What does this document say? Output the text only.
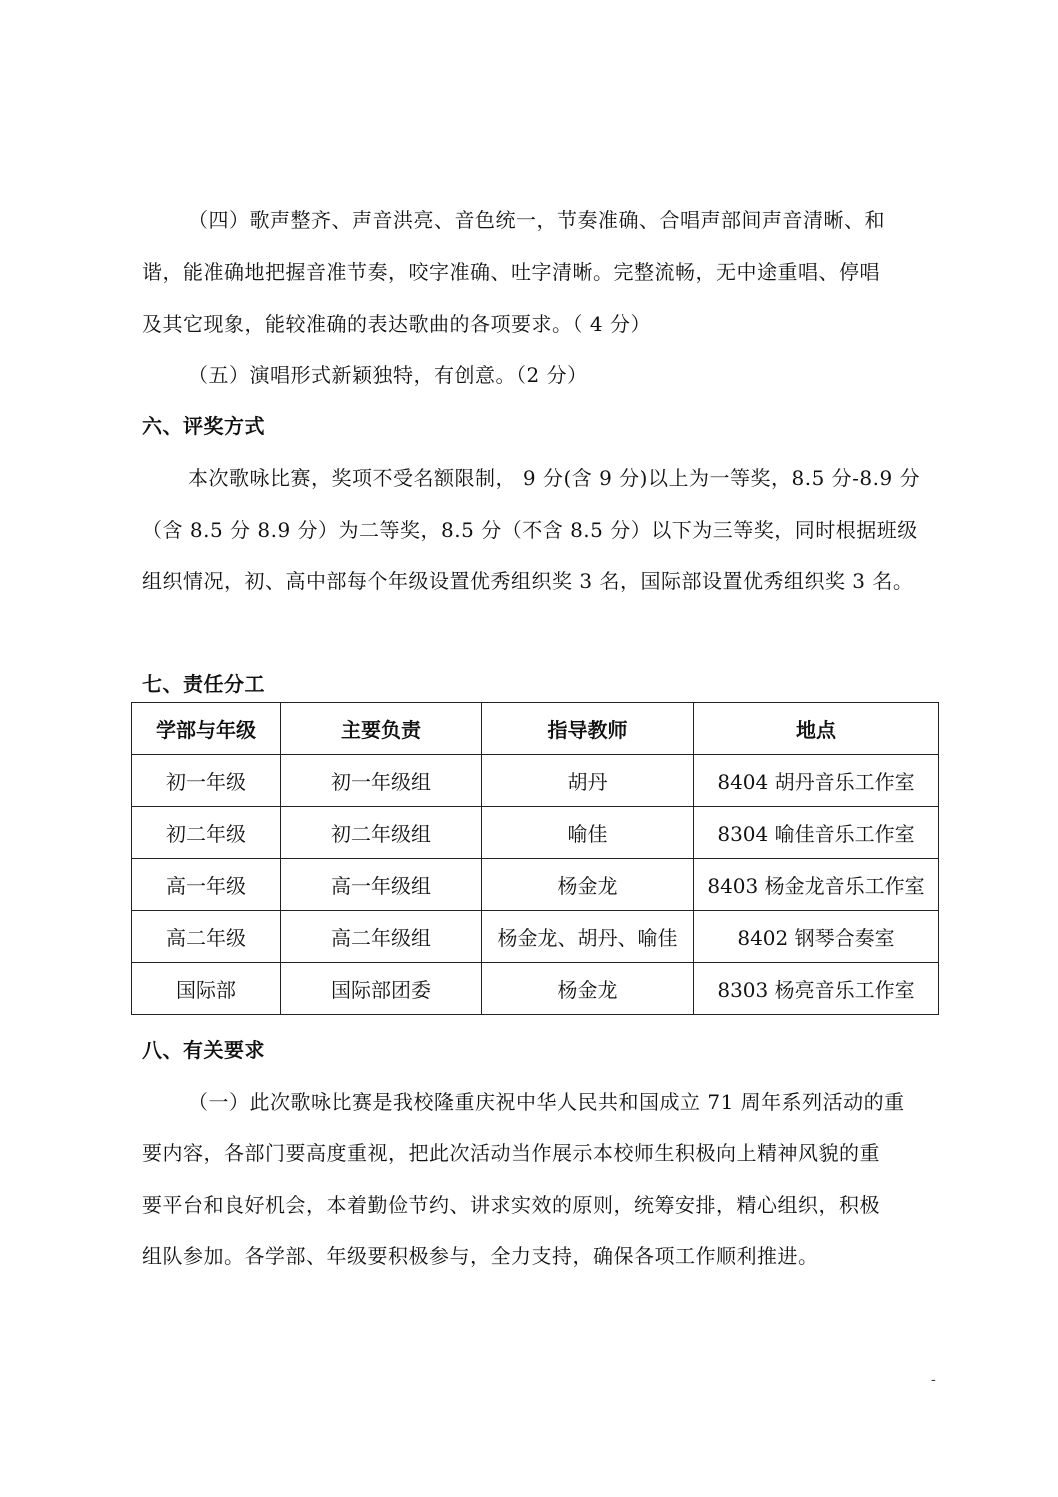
（四）歌声整齐、声音洪亮、音色统一，节奏准确、合唱声部间声音清晰、和
谐，能准确地把握音准节奏，咬字准确、吐字清晰。完整流畅，无中途重唱、停唱
及其它现象，能较准确的表达歌曲的各项要求。（ 4 分）
（五）演唱形式新颖独特，有创意。（2 分）
六、评奖方式
本次歌咏比赛，奖项不受名额限制， 9 分(含 9 分)以上为一等奖，8.5 分-8.9 分
（含 8.5 分 8.9 分）为二等奖，8.5 分（不含 8.5 分）以下为三等奖，同时根据班级
组织情况，初、高中部每个年级设置优秀组织奖 3 名，国际部设置优秀组织奖 3 名。
七、责任分工
学部与年级	主要负责	指导教师	地点
初一年级	初一年级组	胡丹	8404 胡丹音乐工作室
初二年级	初二年级组	喻佳	8304 喻佳音乐工作室
高一年级	高一年级组	杨金龙	8403 杨金龙音乐工作室
高二年级	高二年级组	杨金龙、胡丹、喻佳	8402 钢琴合奏室
国际部	国际部团委	杨金龙	8303 杨亮音乐工作室
八、有关要求
（一）此次歌咏比赛是我校隆重庆祝中华人民共和国成立 71 周年系列活动的重
要内容，各部门要高度重视，把此次活动当作展示本校师生积极向上精神风貌的重
要平台和良好机会，本着勤俭节约、讲求实效的原则，统筹安排，精心组织，积极
组队参加。各学部、年级要积极参与，全力支持，确保各项工作顺利推进。
-
